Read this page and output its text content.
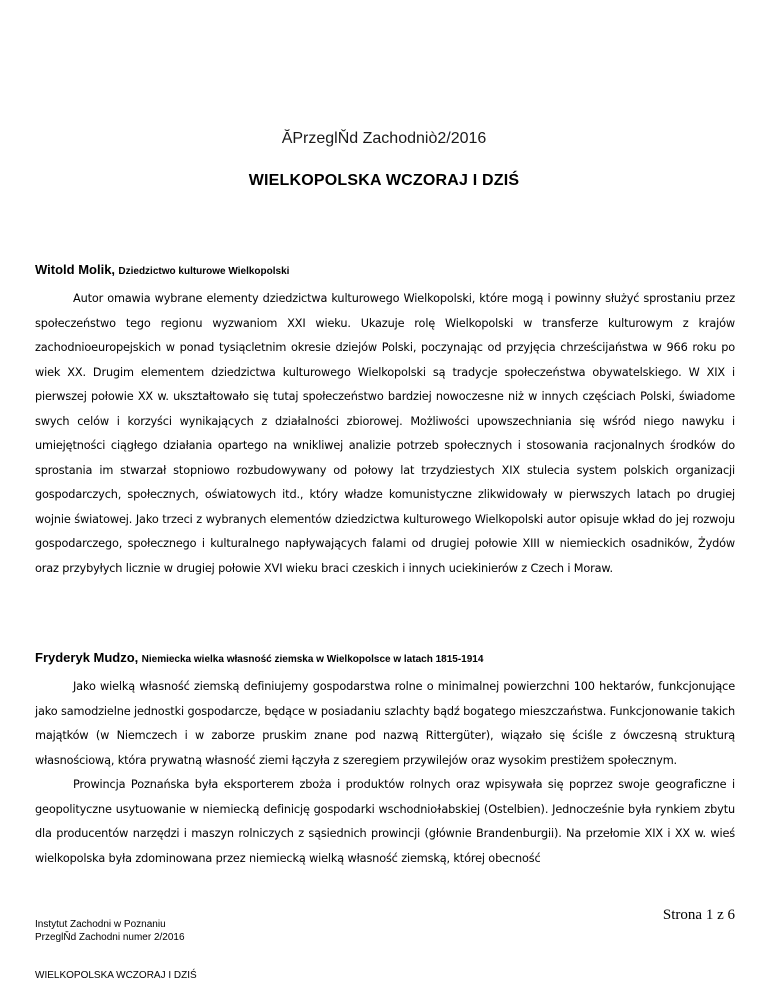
ĂPrzeglŇd Zachodniò2/2016
WIELKOPOLSKA WCZORAJ I DZIŚ

Witold Molik, Dziedzictwo kulturowe Wielkopolski

Autor omawia wybrane elementy dziedzictwa kulturowego Wielkopolski, które mogą i powinny służyć sprostaniu przez społeczeństwo tego regionu wyzwaniom XXI wieku. Ukazuje rolę Wielkopolski w transferze kulturowym z krajów zachodnioeuropejskich w ponad tysiącletnim okresie dziejów Polski, poczynając od przyjęcia chrześcijaństwa w 966 roku po wiek XX. Drugim elementem dziedzictwa kulturowego Wielkopolski są tradycje społeczeństwa obywatelskiego. W XIX i pierwszej połowie XX w. ukształtowało się tutaj społeczeństwo bardziej nowoczesne niż w innych częściach Polski, świadome swych celów i korzyści wynikających z działalności zbiorowej. Możliwości upowszechniania się wśród niego nawyku i umiejętności ciągłego działania opartego na wnikliwej analizie potrzeb społecznych i stosowania racjonalnych środków do sprostania im stwarzał stopniowo rozbudowywany od połowy lat trzydziestych XIX stulecia system polskich organizacji gospodarczych, społecznych, oświatowych itd., który władze komunistyczne zlikwidowały w pierwszych latach po drugiej wojnie światowej. Jako trzeci z wybranych elementów dziedzictwa kulturowego Wielkopolski autor opisuje wkład do jej rozwoju gospodarczego, społecznego i kulturalnego napływających falami od drugiej połowie XIII w niemieckich osadników, Żydów oraz przybyłych licznie w drugiej połowie XVI wieku braci czeskich i innych uciekinierów z Czech i Moraw.

Fryderyk Mudzo, Niemiecka wielka własność ziemska w Wielkopolsce w latach 1815-1914

Jako wielką własność ziemską definiujemy gospodarstwa rolne o minimalnej powierzchni 100 hektarów, funkcjonujące jako samodzielne jednostki gospodarcze, będące w posiadaniu szlachty bądź bogatego mieszczaństwa. Funkcjonowanie takich majątków (w Niemczech i w zaborze pruskim znane pod nazwą Rittergüter), wiązało się ściśle z ówczesną strukturą własnościową, która prywatną własność ziemi łączyła z szeregiem przywilejów oraz wysokim prestiżem społecznym.

Prowincja Poznańska była eksporterem zboża i produktów rolnych oraz wpisywała się poprzez swoje geograficzne i geopolityczne usytuowanie w niemiecką definicję gospodarki wschodnioɫabskiej (Ostelbien). Jednocześnie była rynkiem zbytu dla producentów narzędzi i maszyn rolniczych z sąsiednich prowincji (głównie Brandenburgii). Na przełomie XIX i XX w. wieś wielkopolska była zdominowana przez niemiecką wielką własność ziemską, której obecność

Strona 1 z 6
Instytut Zachodni w Poznaniu
PrzeglŇd Zachodni numer 2/2016
WIELKOPOLSKA WCZORAJ I DZIŚ
